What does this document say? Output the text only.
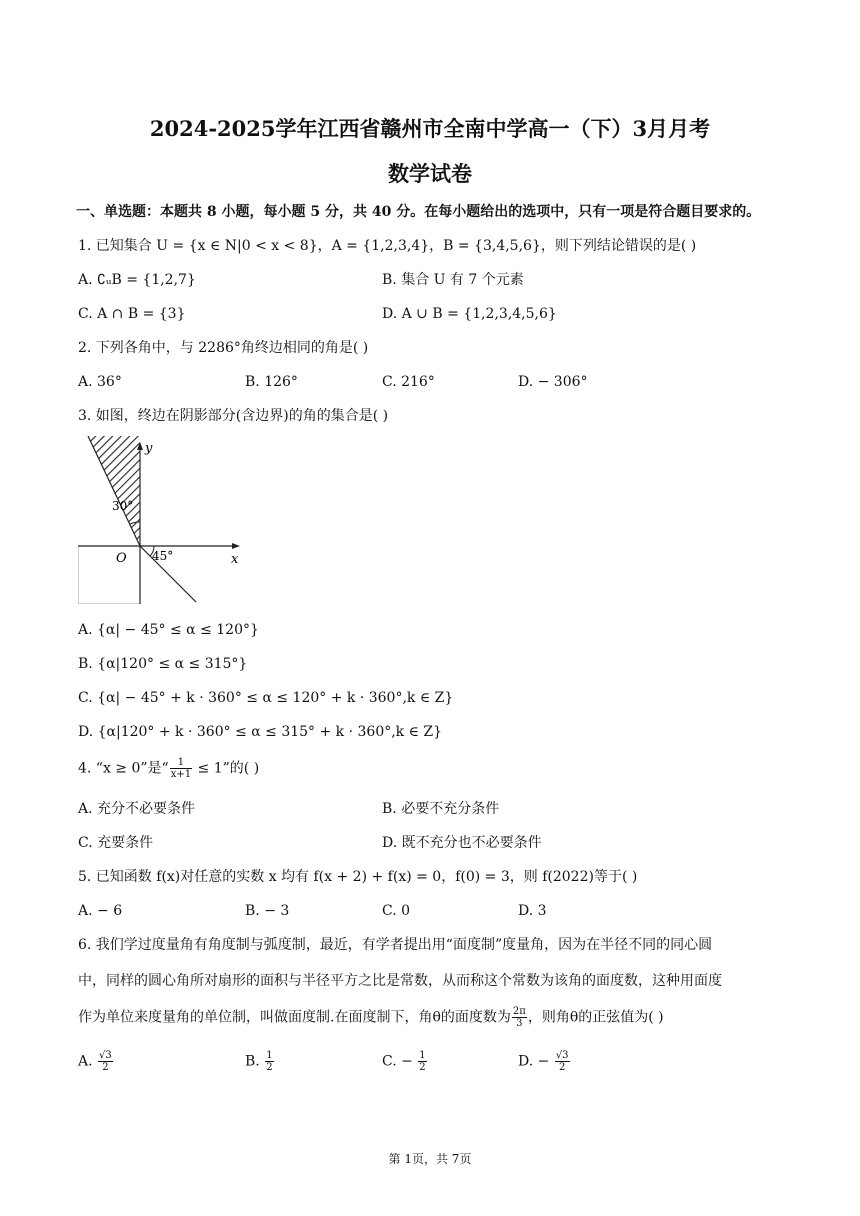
2024-2025学年江西省赣州市全南中学高一（下）3月月考
数学试卷
一、单选题：本题共 8 小题，每小题 5 分，共 40 分。在每小题给出的选项中，只有一项是符合题目要求的。
1. 已知集合 U = {x ∈ N|0 < x < 8}，A = {1,2,3,4}，B = {3,4,5,6}，则下列结论错误的是( )
A. ∁ᵤB = {1,2,7}	B. 集合 U 有 7 个元素
C. A ∩ B = {3}	D. A ∪ B = {1,2,3,4,5,6}
2. 下列各角中，与 2286°角终边相同的角是( )
A. 36°	B. 126°	C. 216°	D. − 306°
3. 如图，终边在阴影部分(含边界)的角的集合是( )
y
x
O
30°
45°
A. {α| − 45° ≤ α ≤ 120°}
B. {α|120° ≤ α ≤ 315°}
C. {α| − 45° + k · 360° ≤ α ≤ 120° + k · 360°,k ∈ Z}
D. {α|120° + k · 360° ≤ α ≤ 315° + k · 360°,k ∈ Z}
4. “x ≥ 0”是“ $\frac{1}{x+1} \le 1$”的( )
A. 充分不必要条件	B. 必要不充分条件
C. 充要条件	D. 既不充分也不必要条件
5. 已知函数 f(x)对任意的实数 x 均有 f(x + 2) + f(x) = 0，f(0) = 3，则 f(2022)等于( )
A. − 6	B. − 3	C. 0	D. 3
6. 我们学过度量角有角度制与弧度制，最近，有学者提出用“面度制”度量角，因为在半径不同的同心圆
中，同样的圆心角所对扇形的面积与半径平方之比是常数，从而称这个常数为该角的面度数，这种用面度
作为单位来度量角的单位制，叫做面度制.在面度制下，角θ的面度数为 $\frac{2\pi}{3}$ ，则角θ的正弦值为( )
A. $\frac{√3}{2}$	B. $\frac{1}{2}$	C. − $\frac{1}{2}$	D. − $\frac{√3}{2}$
第 1页，共 7页
